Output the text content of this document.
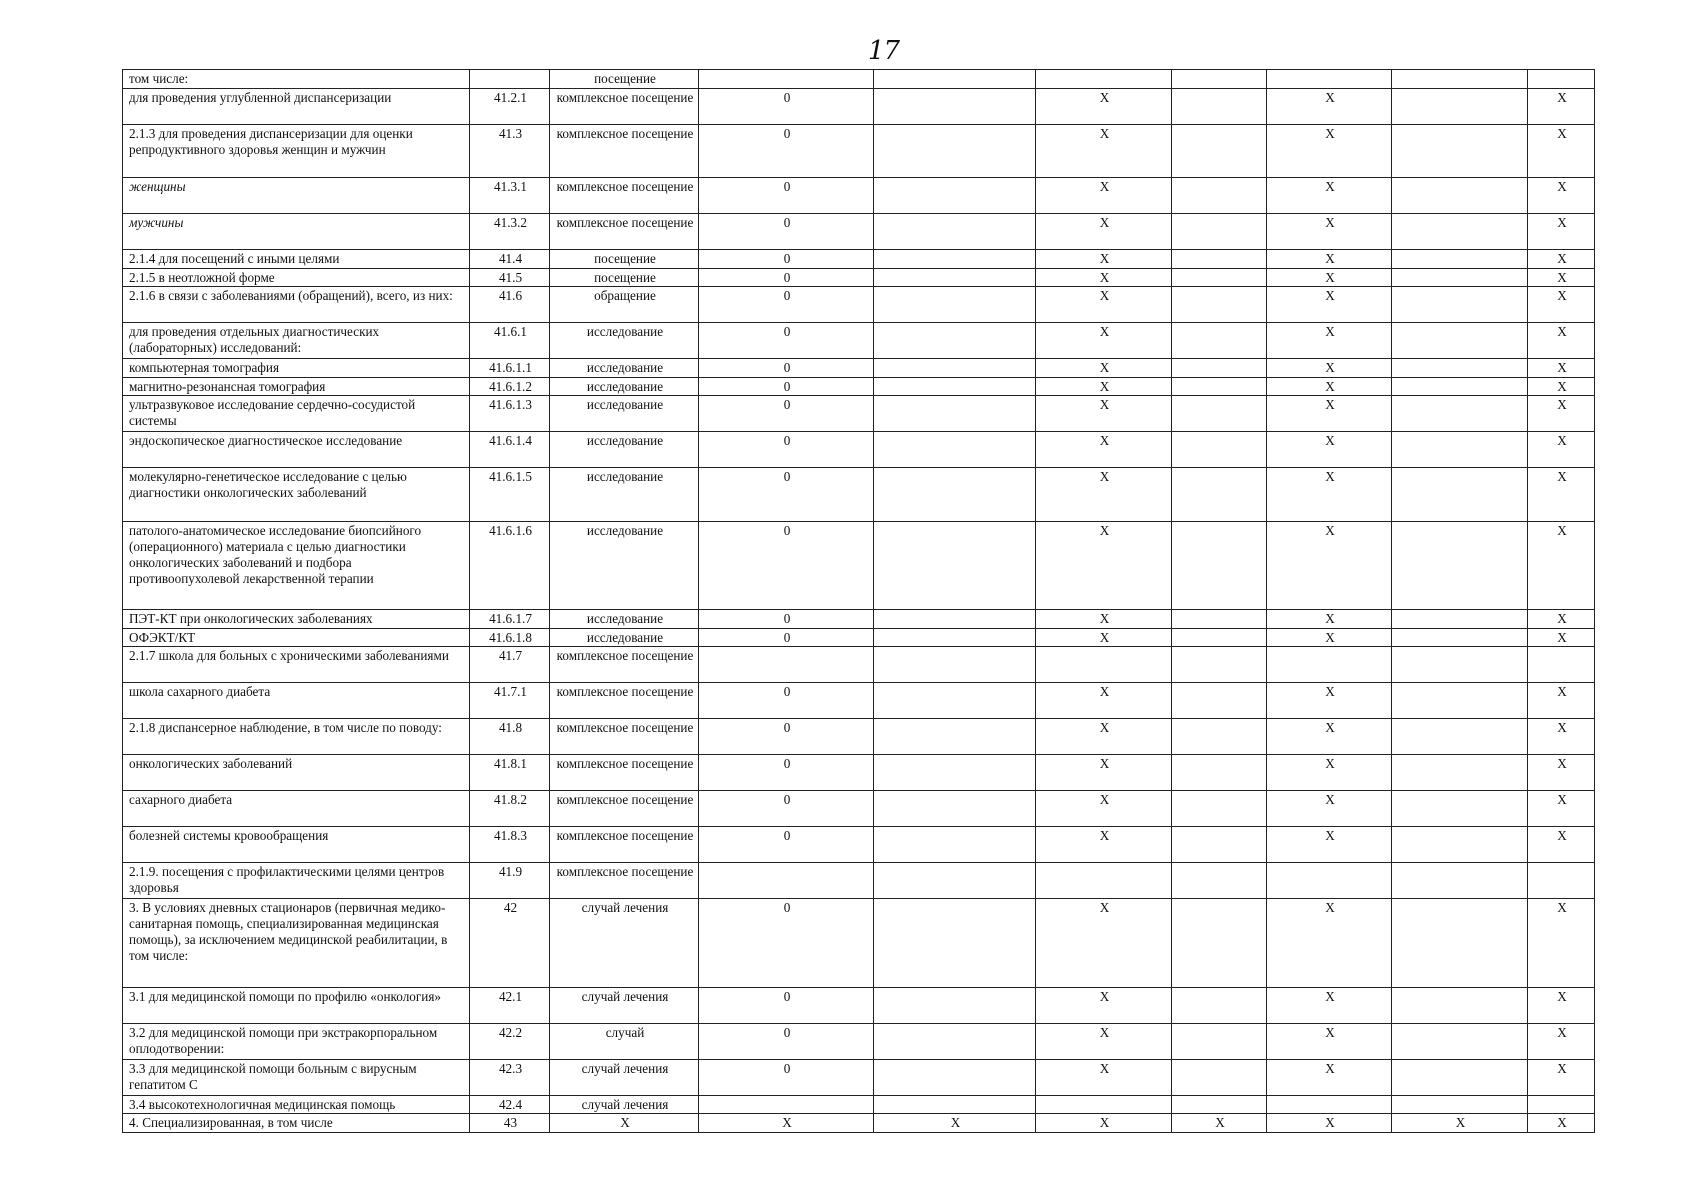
17
том числе:		посещение							
для проведения углубленной диспансеризации	41.2.1	комплексное посещение	0		X		X		X
2.1.3 для проведения диспансеризации для оценки репродуктивного здоровья женщин и мужчин	41.3	комплексное посещение	0		X		X		X
женщины	41.3.1	комплексное посещение	0		X		X		X
мужчины	41.3.2	комплексное посещение	0		X		X		X
2.1.4 для посещений с иными целями	41.4	посещение	0		X		X		X
2.1.5 в неотложной форме	41.5	посещение	0		X		X		X
2.1.6 в связи с заболеваниями (обращений), всего, из них:	41.6	обращение	0		X		X		X
для проведения отдельных диагностических (лабораторных) исследований:	41.6.1	исследование	0		X		X		X
компьютерная томография	41.6.1.1	исследование	0		X		X		X
магнитно-резонансная томография	41.6.1.2	исследование	0		X		X		X
ультразвуковое исследование сердечно-сосудистой системы	41.6.1.3	исследование	0		X		X		X
эндоскопическое диагностическое исследование	41.6.1.4	исследование	0		X		X		X
молекулярно-генетическое исследование с целью диагностики онкологических заболеваний	41.6.1.5	исследование	0		X		X		X
патолого-анатомическое исследование биопсийного (операционного) материала с целью диагностики онкологических заболеваний и подбора противоопухолевой лекарственной терапии	41.6.1.6	исследование	0		X		X		X
ПЭТ-КТ при онкологических заболеваниях	41.6.1.7	исследование	0		X		X		X
ОФЭКТ/КТ	41.6.1.8	исследование	0		X		X		X
2.1.7 школа для больных с хроническими заболеваниями	41.7	комплексное посещение							
школа сахарного диабета	41.7.1	комплексное посещение	0		X		X		X
2.1.8 диспансерное наблюдение, в том числе по поводу:	41.8	комплексное посещение	0		X		X		X
онкологических заболеваний	41.8.1	комплексное посещение	0		X		X		X
сахарного диабета	41.8.2	комплексное посещение	0		X		X		X
болезней системы кровообращения	41.8.3	комплексное посещение	0		X		X		X
2.1.9. посещения с профилактическими целями центров здоровья	41.9	комплексное посещение							
3. В условиях дневных стационаров (первичная медико-санитарная помощь, специализированная медицинская помощь), за исключением медицинской реабилитации, в том числе:	42	случай лечения	0		X		X		X
3.1 для медицинской помощи по профилю «онкология»	42.1	случай лечения	0		X		X		X
3.2 для медицинской помощи при экстракорпоральном оплодотворении:	42.2	случай	0		X		X		X
3.3 для медицинской помощи больным с вирусным гепатитом С	42.3	случай лечения	0		X		X		X
3.4 высокотехнологичная медицинская помощь	42.4	случай лечения							
4. Специализированная, в том числе	43	X	X	X	X	X	X	X	X
